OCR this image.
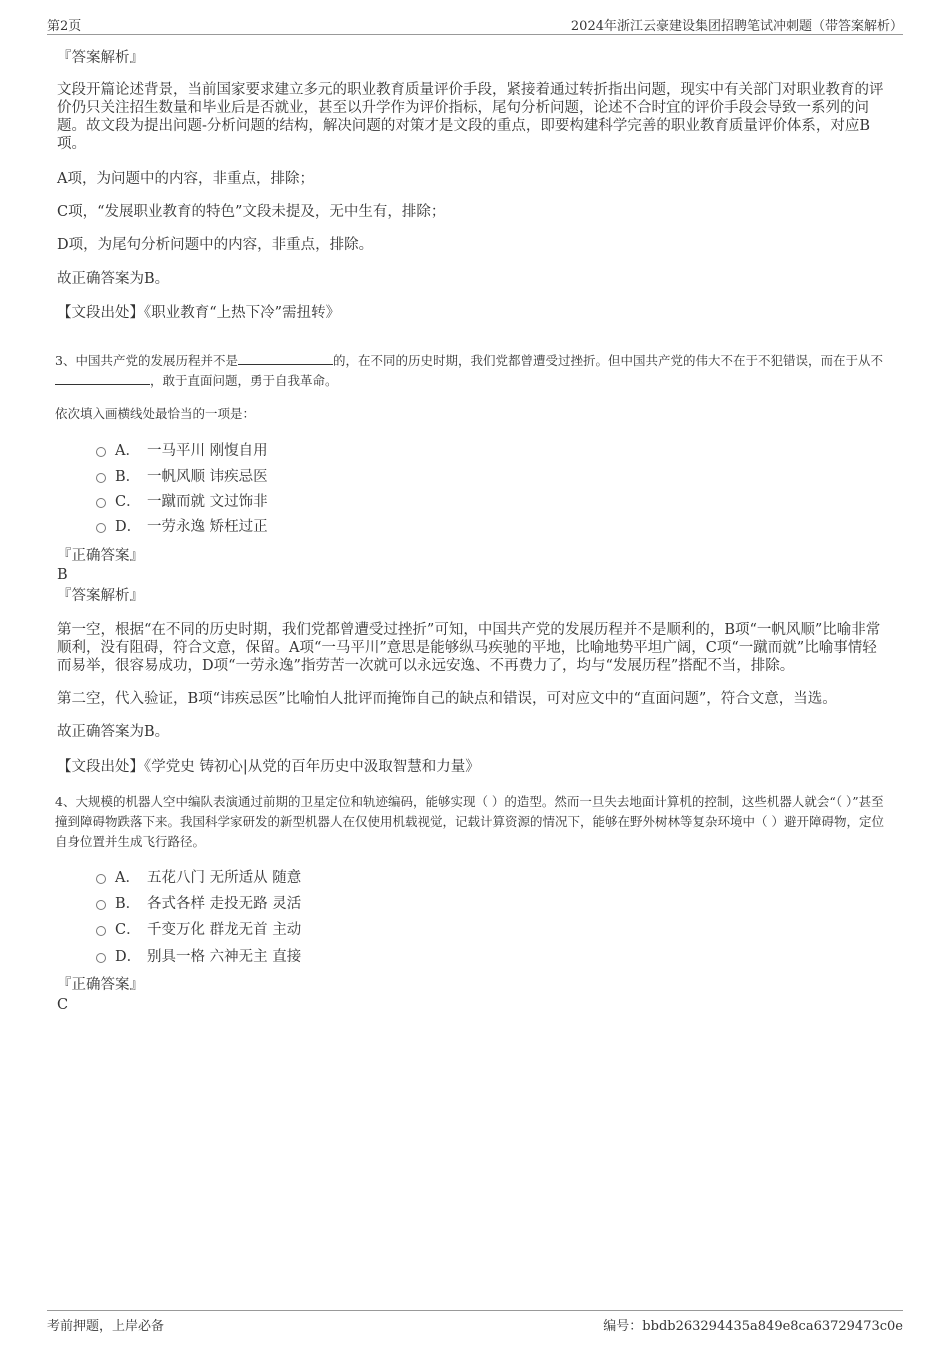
第2页	2024年浙江云豪建设集团招聘笔试冲刺题（带答案解析）
『答案解析』
文段开篇论述背景，当前国家要求建立多元的职业教育质量评价手段，紧接着通过转折指出问题，现实中有关部门对职业教育的评价仍只关注招生数量和毕业后是否就业，甚至以升学作为评价指标，尾句分析问题，论述不合时宜的评价手段会导致一系列的问题。故文段为提出问题-分析问题的结构，解决问题的对策才是文段的重点，即要构建科学完善的职业教育质量评价体系，对应B项。
A项，为问题中的内容，非重点，排除；
C项，“发展职业教育的特色”文段未提及，无中生有，排除；
D项，为尾句分析问题中的内容，非重点，排除。
故正确答案为B。
【文段出处】《职业教育“上热下冷”需扭转》
3、中国共产党的发展历程并不是	的，在不同的历史时期，我们党都曾遭受过挫折。但中国共产党的伟大不在于不犯错误，而在于从不，敢于直面问题，勇于自我革命。
依次填入画横线处最恰当的一项是：
A． 一马平川 刚愎自用
B． 一帆风顺 讳疾忌医
C． 一蹴而就 文过饰非
D． 一劳永逸 矫枉过正
『正确答案』
B
『答案解析』
第一空，根据“在不同的历史时期，我们党都曾遭受过挫折”可知，中国共产党的发展历程并不是顺利的，B项“一帆风顺”比喻非常顺利，没有阻碍，符合文意，保留。A项“一马平川”意思是能够纵马疾驰的平地，比喻地势平坦广阔，C项“一蹴而就”比喻事情轻而易举，很容易成功，D项“一劳永逸”指劳苦一次就可以永远安逸、不再费力了，均与“发展历程”搭配不当，排除。
第二空，代入验证，B项“讳疾忌医”比喻怕人批评而掩饰自己的缺点和错误，可对应文中的“直面问题”，符合文意，当选。
故正确答案为B。
【文段出处】《学党史 铸初心|从党的百年历史中汲取智慧和力量》
4、大规模的机器人空中编队表演通过前期的卫星定位和轨迹编码，能够实现（ ）的造型。然而一旦失去地面计算机的控制，这些机器人就会“（ ）”甚至撞到障碍物跌落下来。我国科学家研发的新型机器人在仅使用机载视觉，记载计算资源的情况下，能够在野外树林等复杂环境中（ ）避开障碍物，定位自身位置并生成飞行路径。
A． 五花八门 无所适从 随意
B． 各式各样 走投无路 灵活
C． 千变万化 群龙无首 主动
D． 别具一格 六神无主 直接
『正确答案』
C
考前押题，上岸必备	编号：bbdb263294435a849e8ca63729473c0e
